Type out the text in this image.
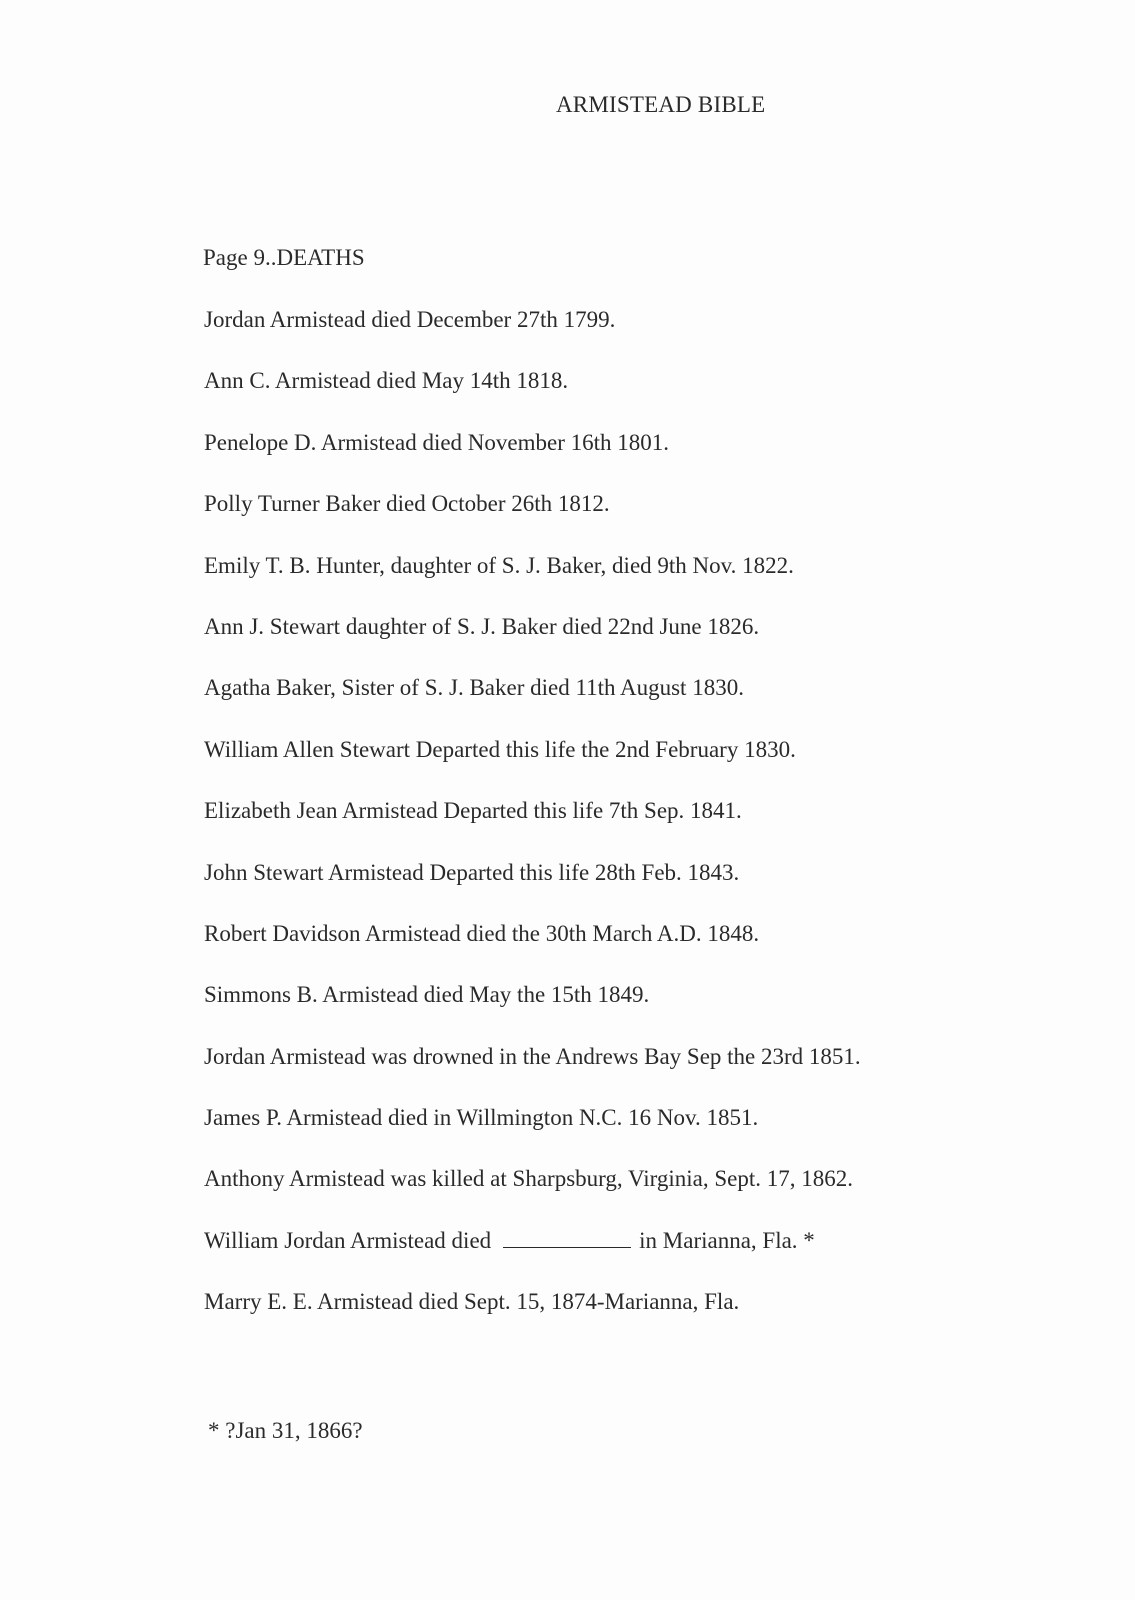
ARMISTEAD BIBLE
Page 9..DEATHS
Jordan Armistead died December 27th 1799.
Ann C. Armistead died May 14th 1818.
Penelope D. Armistead died November 16th 1801.
Polly Turner Baker died October 26th 1812.
Emily T. B. Hunter, daughter of S. J. Baker, died 9th Nov. 1822.
Ann J. Stewart daughter of S. J. Baker died 22nd June 1826.
Agatha Baker, Sister of S. J. Baker died 11th August 1830.
William Allen Stewart Departed this life the 2nd February 1830.
Elizabeth Jean Armistead Departed this life 7th Sep. 1841.
John Stewart Armistead Departed this life 28th Feb. 1843.
Robert Davidson Armistead died the 30th March A.D. 1848.
Simmons B. Armistead died May the 15th 1849.
Jordan Armistead was drowned in the Andrews Bay Sep the 23rd 1851.
James P. Armistead died in Willmington N.C. 16 Nov. 1851.
Anthony Armistead was killed at Sharpsburg, Virginia, Sept. 17, 1862.
William Jordan Armistead died	in Marianna, Fla. *
Marry E. E. Armistead died Sept. 15, 1874-Marianna, Fla.
* ?Jan 31, 1866?
